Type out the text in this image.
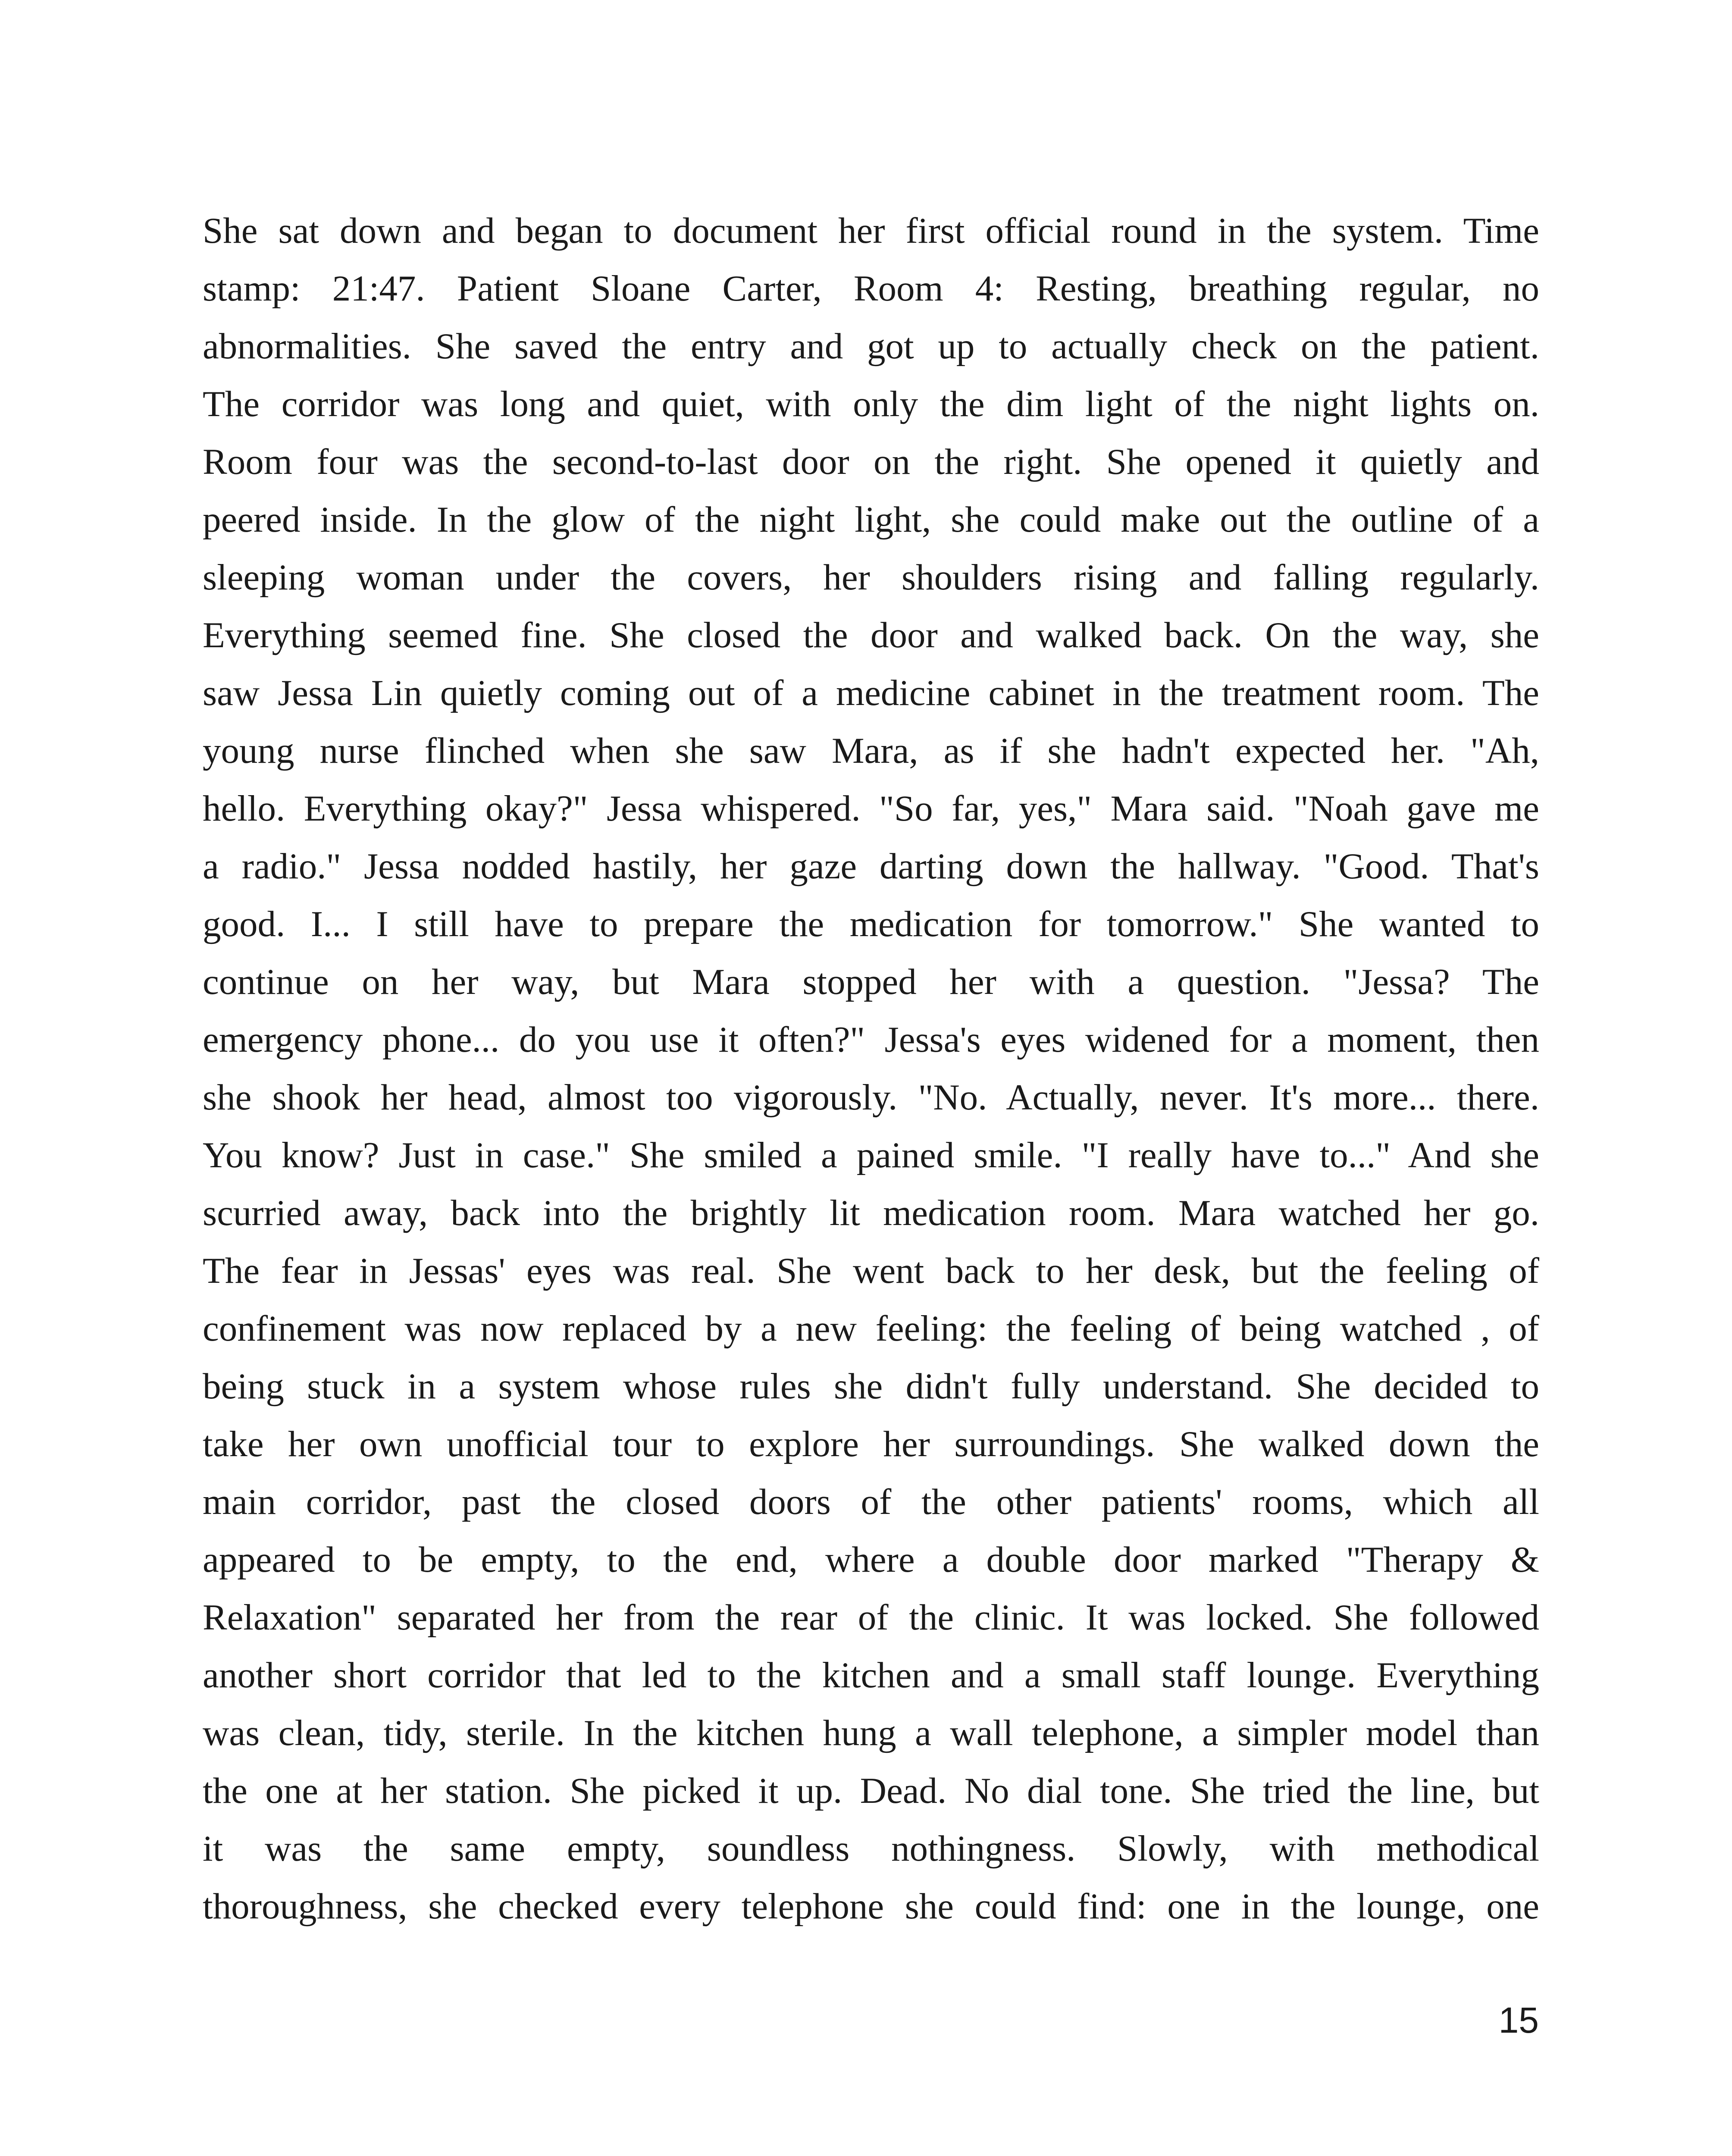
She sat down and began to document her first official round in the system. Time
stamp: 21:47. Patient Sloane Carter, Room 4: Resting, breathing regular, no
abnormalities. She saved the entry and got up to actually check on the patient.
The corridor was long and quiet, with only the dim light of the night lights on.
Room four was the second-to-last door on the right. She opened it quietly and
peered inside. In the glow of the night light, she could make out the outline of a
sleeping woman under the covers, her shoulders rising and falling regularly.
Everything seemed fine. She closed the door and walked back. On the way, she
saw Jessa Lin quietly coming out of a medicine cabinet in the treatment room. The
young nurse flinched when she saw Mara, as if she hadn't expected her. "Ah,
hello. Everything okay?" Jessa whispered. "So far, yes," Mara said. "Noah gave me
a radio." Jessa nodded hastily, her gaze darting down the hallway. "Good. That's
good. I... I still have to prepare the medication for tomorrow." She wanted to
continue on her way, but Mara stopped her with a question. "Jessa? The
emergency phone... do you use it often?" Jessa's eyes widened for a moment, then
she shook her head, almost too vigorously. "No. Actually, never. It's more... there.
You know? Just in case." She smiled a pained smile. "I really have to..." And she
scurried away, back into the brightly lit medication room. Mara watched her go.
The fear in Jessas' eyes was real. She went back to her desk, but the feeling of
confinement was now replaced by a new feeling: the feeling of being watched , of
being stuck in a system whose rules she didn't fully understand. She decided to
take her own unofficial tour to explore her surroundings. She walked down the
main corridor, past the closed doors of the other patients' rooms, which all
appeared to be empty, to the end, where a double door marked "Therapy &
Relaxation" separated her from the rear of the clinic. It was locked. She followed
another short corridor that led to the kitchen and a small staff lounge. Everything
was clean, tidy, sterile. In the kitchen hung a wall telephone, a simpler model than
the one at her station. She picked it up. Dead. No dial tone. She tried the line, but
it was the same empty, soundless nothingness. Slowly, with methodical
thoroughness, she checked every telephone she could find: one in the lounge, one
15
